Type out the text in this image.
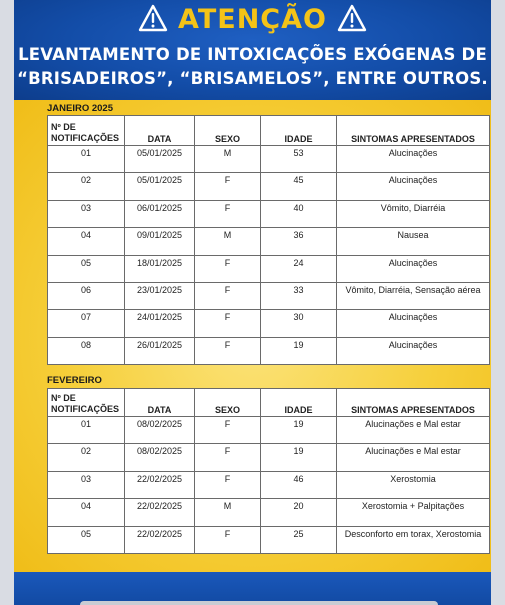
ATENÇÃO
LEVANTAMENTO DE INTOXICAÇÕES EXÓGENAS DE
“BRISADEIROS”, “BRISAMELOS”, ENTRE OUTROS.
JANEIRO 2025
Nº DE
NOTIFICAÇÕES	DATA	SEXO	IDADE	SINTOMAS APRESENTADOS
01	05/01/2025	M	53	Alucinações
02	05/01/2025	F	45	Alucinações
03	06/01/2025	F	40	Vômito, Diarréia
04	09/01/2025	M	36	Nausea
05	18/01/2025	F	24	Alucinações
06	23/01/2025	F	33	Vômito, Diarréia, Sensação aérea
07	24/01/2025	F	30	Alucinações
08	26/01/2025	F	19	Alucinações
FEVEREIRO
Nº DE
NOTIFICAÇÕES	DATA	SEXO	IDADE	SINTOMAS APRESENTADOS
01	08/02/2025	F	19	Alucinações e Mal estar
02	08/02/2025	F	19	Alucinações e Mal estar
03	22/02/2025	F	46	Xerostomia
04	22/02/2025	M	20	Xerostomia + Palpitações
05	22/02/2025	F	25	Desconforto em torax, Xerostomia
